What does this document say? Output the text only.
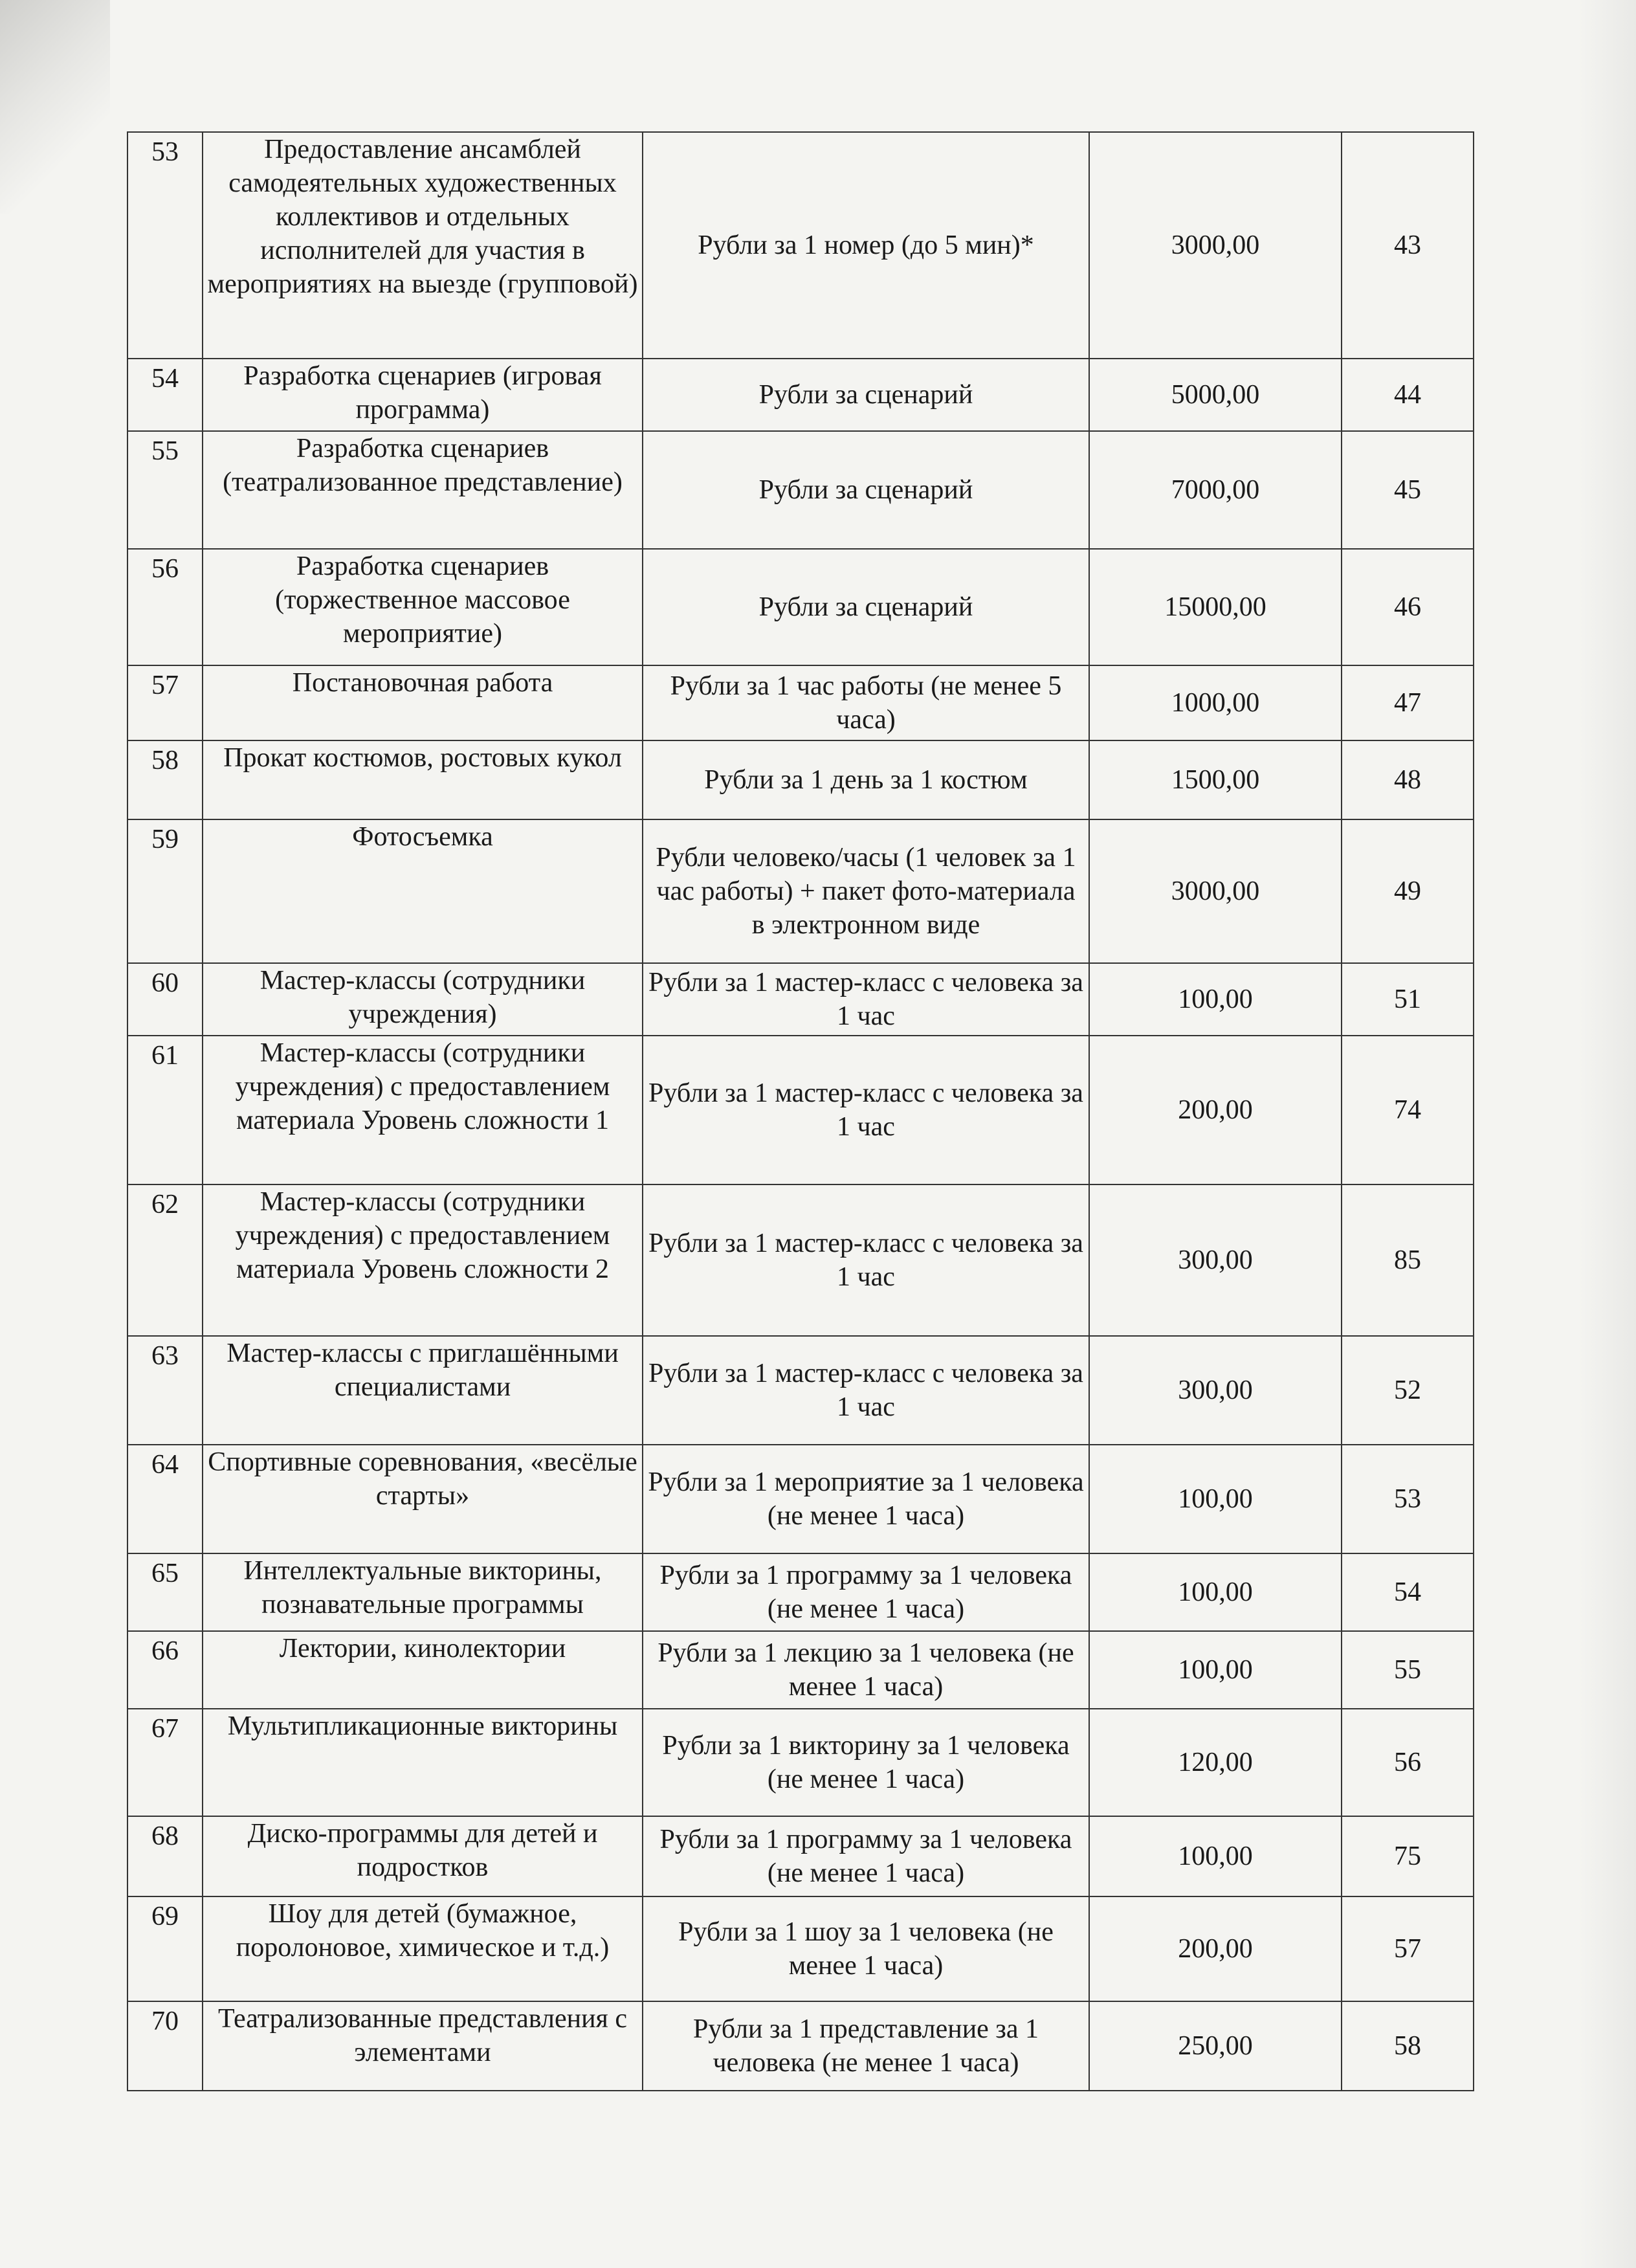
53	Предоставление ансамблей самодеятельных художественных коллективов и отдельных исполнителей для участия в мероприятиях на выезде (групповой)	Рубли за 1 номер (до 5 мин)*	3000,00	43
54	Разработка сценариев (игровая программа)	Рубли за сценарий	5000,00	44
55	Разработка сценариев (театрализованное представление)	Рубли за сценарий	7000,00	45
56	Разработка сценариев (торжественное массовое мероприятие)	Рубли за сценарий	15000,00	46
57	Постановочная работа	Рубли за 1 час работы (не менее 5 часа)	1000,00	47
58	Прокат костюмов, ростовых кукол	Рубли за 1 день за 1 костюм	1500,00	48
59	Фотосъемка	Рубли человеко/часы (1 человек за 1 час работы) + пакет фото-материала в электронном виде	3000,00	49
60	Мастер-классы (сотрудники учреждения)	Рубли за 1 мастер-класс с человека за 1 час	100,00	51
61	Мастер-классы (сотрудники учреждения) с предоставлением материала Уровень сложности 1	Рубли за 1 мастер-класс с человека за 1 час	200,00	74
62	Мастер-классы (сотрудники учреждения) с предоставлением материала Уровень сложности 2	Рубли за 1 мастер-класс с человека за 1 час	300,00	85
63	Мастер-классы с приглашёнными специалистами	Рубли за 1 мастер-класс с человека за 1 час	300,00	52
64	Спортивные соревнования, «весёлые старты»	Рубли за 1 мероприятие за 1 человека (не менее 1 часа)	100,00	53
65	Интеллектуальные викторины, познавательные программы	Рубли за 1 программу за 1 человека (не менее 1 часа)	100,00	54
66	Лектории, кинолектории	Рубли за 1 лекцию за 1 человека (не менее 1 часа)	100,00	55
67	Мультипликационные викторины	Рубли за 1 викторину за 1 человека (не менее 1 часа)	120,00	56
68	Диско-программы для детей и подростков	Рубли за 1 программу за 1 человека (не менее 1 часа)	100,00	75
69	Шоу для детей (бумажное, поролоновое, химическое и т.д.)	Рубли за 1 шоу за 1 человека (не менее 1 часа)	200,00	57
70	Театрализованные представления с элементами	Рубли за 1 представление за 1 человека (не менее 1 часа)	250,00	58
